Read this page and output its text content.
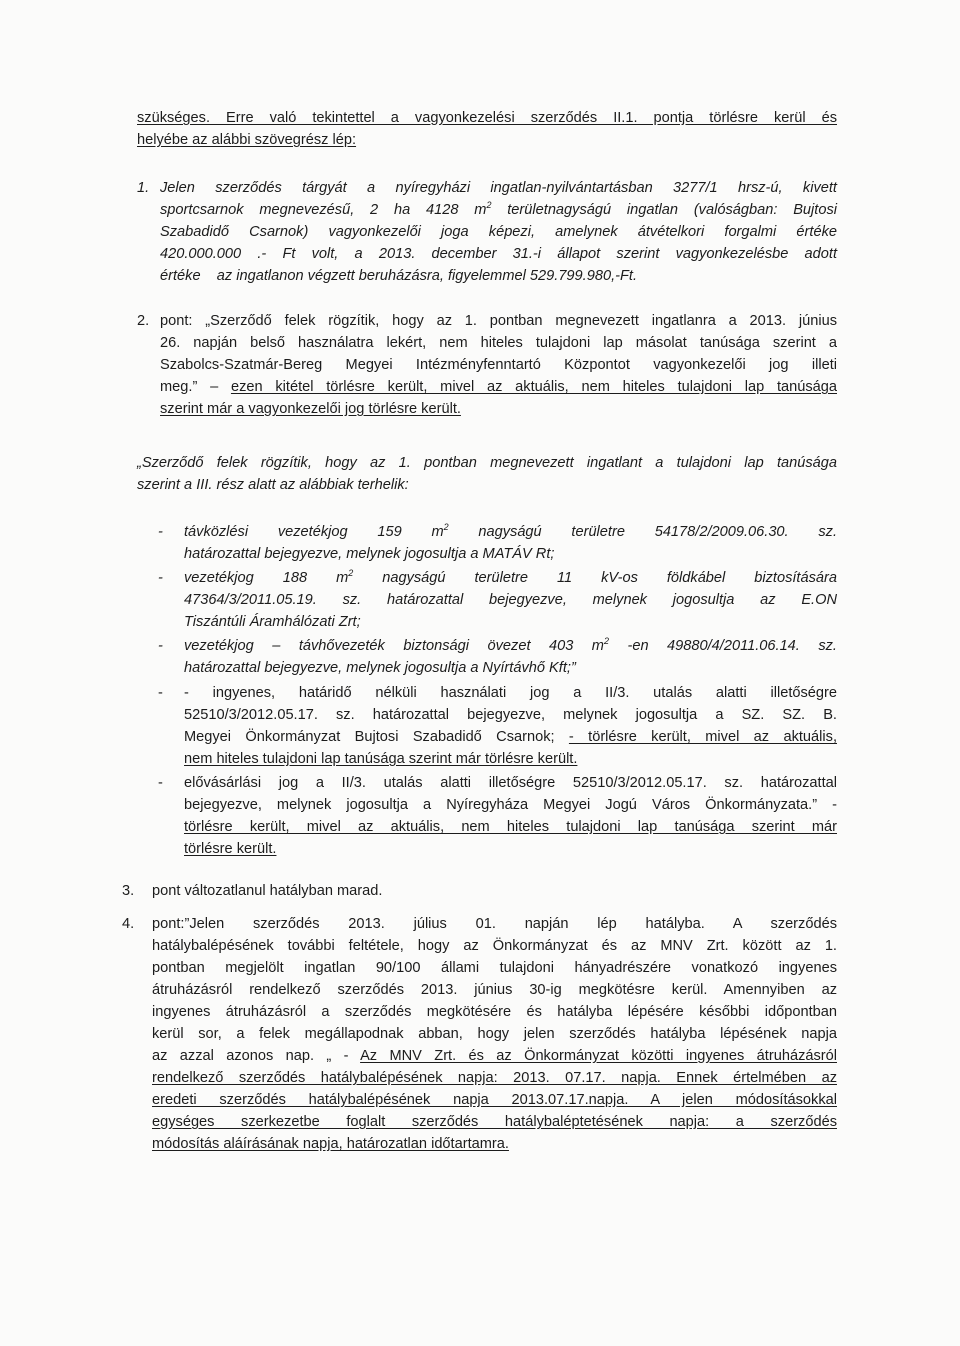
szükséges. Erre való tekintettel a vagyonkezelési szerződés II.1. pontja törlésre kerül és
helyébe az alábbi szövegrész lép:
1. Jelen szerződés tárgyát a nyíregyházi ingatlan-nyilvántartásban 3277/1 hrsz-ú, kivett
sportcsarnok megnevezésű, 2 ha 4128 $m^2$ területnagyságú ingatlan (valóságban: Bujtosi
Szabadidő Csarnok) vagyonkezelői joga képezi, amelynek átvételkori forgalmi értéke
420.000.000 .- Ft volt, a 2013. december 31.-i állapot szerint vagyonkezelésbe adott
értéke    az ingatlanon végzett beruházásra, figyelemmel 529.799.980,-Ft.
2. pont: „Szerződő felek rögzítik, hogy az 1. pontban megnevezett ingatlanra a 2013. június
26. napján belső használatra lekért, nem hiteles tulajdoni lap másolat tanúsága szerint a
Szabolcs-Szatmár-Bereg Megyei Intézményfenntartó Központot vagyonkezelői jog illeti
meg.” – ezen kitétel törlésre került, mivel az aktuális, nem hiteles tulajdoni lap tanúsága
szerint már a vagyonkezelői jog törlésre került.
„Szerződő felek rögzítik, hogy az 1. pontban megnevezett ingatlant a tulajdoni lap tanúsága
szerint a III. rész alatt az alábbiak terhelik:
- távközlési vezetékjog 159 $m^2$ nagyságú területre 54178/2/2009.06.30. sz.
határozattal bejegyezve, melynek jogosultja a MATÁV Rt;
- vezetékjog 188 $m^2$ nagyságú területre 11 kV-os földkábel biztosítására
47364/3/2011.05.19. sz. határozattal bejegyezve, melynek jogosultja az E.ON
Tiszántúli Áramhálózati Zrt;
- vezetékjog – távhővezeték biztonsági övezet 403 $m^2$ -en 49880/4/2011.06.14. sz.
határozattal bejegyezve, melynek jogosultja a Nyírtávhő Kft;”
- - ingyenes, határidő nélküli használati jog a II/3. utalás alatti illetőségre
52510/3/2012.05.17. sz. határozattal bejegyezve, melynek jogosultja a SZ. SZ. B.
Megyei Önkormányzat Bujtosi Szabadidő Csarnok; - törlésre került, mivel az aktuális,
nem hiteles tulajdoni lap tanúsága szerint már törlésre került.
- elővásárlási jog a II/3. utalás alatti illetőségre 52510/3/2012.05.17. sz. határozattal
bejegyezve, melynek jogosultja a Nyíregyháza Megyei Jogú Város Önkormányzata.” -
törlésre került, mivel az aktuális, nem hiteles tulajdoni lap tanúsága szerint már
törlésre került.
3. pont változatlanul hatályban marad.
4. pont:”Jelen szerződés 2013. július 01. napján lép hatályba. A szerződés
hatálybalépésének további feltétele, hogy az Önkormányzat és az MNV Zrt. között az 1.
pontban megjelölt ingatlan 90/100 állami tulajdoni hányadrészére vonatkozó ingyenes
átruházásról rendelkező szerződés 2013. június 30-ig megkötésre kerül. Amennyiben az
ingyenes átruházásról a szerződés megkötésére és hatályba lépésére későbbi időpontban
kerül sor, a felek megállapodnak abban, hogy jelen szerződés hatályba lépésének napja
az azzal azonos nap. „ - Az MNV Zrt. és az Önkormányzat közötti ingyenes átruházásról
rendelkező szerződés hatálybalépésének napja: 2013. 07.17. napja. Ennek értelmében az
eredeti szerződés hatálybalépésének napja 2013.07.17.napja. A jelen módosításokkal
egységes szerkezetbe foglalt szerződés hatálybaléptetésének napja: a szerződés
módosítás aláírásának napja, határozatlan időtartamra.
